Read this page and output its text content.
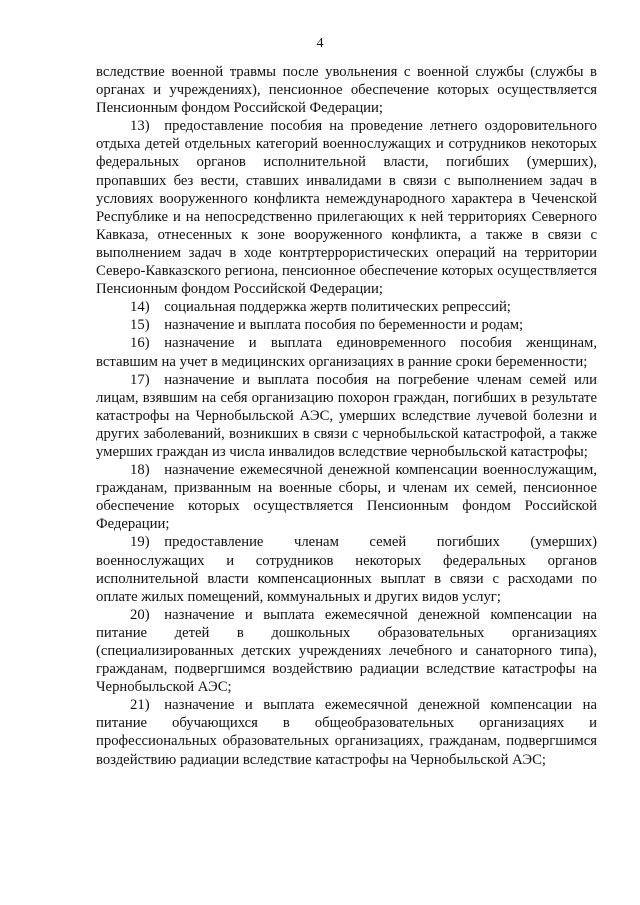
4

вследствие военной травмы после увольнения с военной службы (службы в органах и учреждениях), пенсионное обеспечение которых осуществляется Пенсионным фондом Российской Федерации;

13) предоставление пособия на проведение летнего оздоровительного отдыха детей отдельных категорий военнослужащих и сотрудников некоторых федеральных органов исполнительной власти, погибших (умерших), пропавших без вести, ставших инвалидами в связи с выполнением задач в условиях вооруженного конфликта немеждународного характера в Чеченской Республике и на непосредственно прилегающих к ней территориях Северного Кавказа, отнесенных к зоне вооруженного конфликта, а также в связи с выполнением задач в ходе контртеррористических операций на территории Северо-Кавказского региона, пенсионное обеспечение которых осуществляется Пенсионным фондом Российской Федерации;

14) социальная поддержка жертв политических репрессий;

15) назначение и выплата пособия по беременности и родам;

16) назначение и выплата единовременного пособия женщинам, вставшим на учет в медицинских организациях в ранние сроки беременности;

17) назначение и выплата пособия на погребение членам семей или лицам, взявшим на себя организацию похорон граждан, погибших в результате катастрофы на Чернобыльской АЭС, умерших вследствие лучевой болезни и других заболеваний, возникших в связи с чернобыльской катастрофой, а также умерших граждан из числа инвалидов вследствие чернобыльской катастрофы;

18) назначение ежемесячной денежной компенсации военнослужащим, гражданам, призванным на военные сборы, и членам их семей, пенсионное обеспечение которых осуществляется Пенсионным фондом Российской Федерации;

19) предоставление членам семей погибших (умерших) военнослужащих и сотрудников некоторых федеральных органов исполнительной власти компенсационных выплат в связи с расходами по оплате жилых помещений, коммунальных и других видов услуг;

20) назначение и выплата ежемесячной денежной компенсации на питание детей в дошкольных образовательных организациях (специализированных детских учреждениях лечебного и санаторного типа), гражданам, подвергшимся воздействию радиации вследствие катастрофы на Чернобыльской АЭС;

21) назначение и выплата ежемесячной денежной компенсации на питание обучающихся в общеобразовательных организациях и профессиональных образовательных организациях, гражданам, подвергшимся воздействию радиации вследствие катастрофы на Чернобыльской АЭС;
